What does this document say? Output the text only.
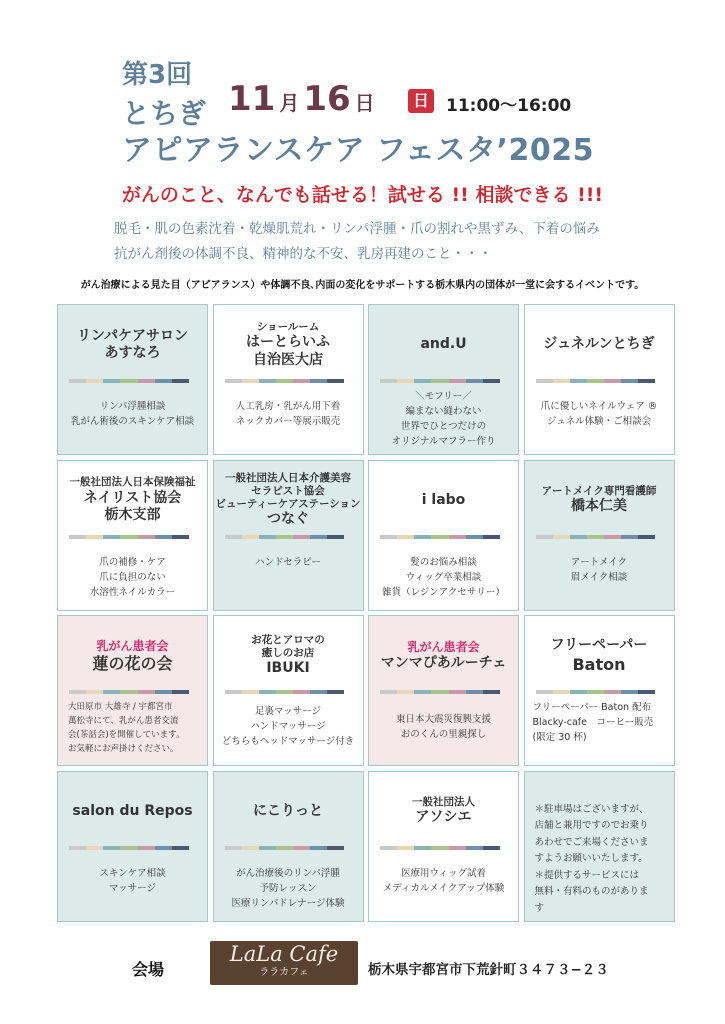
第3回
とちぎ
アピアランスケア フェスタ’2025
11 月 16 日	日 11:00〜16:00
がんのこと、なんでも話せる！試せる !! 相談できる !!!
脱毛・肌の色素沈着・乾燥肌荒れ・リンパ浮腫・爪の割れや黒ずみ、下着の悩み
抗がん剤後の体調不良、精神的な不安、乳房再建のこと・・・
がん治療による見た目（アピアランス）や体調不良､内面の変化をサポートする栃木県内の団体が一堂に会するイベントです。
リンパケアサロン
あすなろ
リンパ浮腫相談
乳がん術後のスキンケア相談
ショールーム
はーとらいふ
自治医大店
人工乳房・乳がん用下着
ネックカバー等展示販売
and.U
＼モフリー／
編まない縫わない
世界でひとつだけの
オリジナルマフラー作り
ジュネルンとちぎ
爪に優しいネイルウェア ®
ジュネル体験・ご相談会
一般社団法人日本保険福祉
ネイリスト協会
栃木支部
爪の補修・ケア
爪に負担のない
水溶性ネイルカラー
一般社団法人日本介護美容
セラピスト協会
ビューティーケアステーション
つなぐ
ハンドセラピー
i labo
髪のお悩み相談
ウィッグ卒業相談
雑貨（レジンアクセサリー）
アートメイク専門看護師
橋本仁美
アートメイク
眉メイク相談
乳がん患者会
蓮の花の会
大田原市 大雄寺 / 宇都宮市
萬松寺にて、乳がん患者交流
会(茶話会)を開催しています。
お気軽にお声掛けください。
お花とアロマの
癒しのお店
IBUKI
足裏マッサージ
ハンドマッサージ
どちらもヘッドマッサージ付き
乳がん患者会
マンマぴあルーチェ
東日本大震災復興支援
おのくんの里親探し
フリーペーパー
Baton
フリーペーパー Baton 配布
Blacky-cafe　コーヒー販売
(限定 30 杯)
salon du Repos
スキンケア相談
マッサージ
にこりっと
がん治療後のリンパ浮腫
予防レッスン
医療リンパドレナージ体験
一般社団法人
アソシエ
医療用ウィッグ試着
メディカルメイクアップ体験
＊駐車場はございますが、
店舗と兼用ですのでお乗り
あわせでご来場くださいま
すようお願いいたします。
＊提供するサービスには
無料・有料のものがありま
す
会場
LaLa Cafe
ララカフェ	栃木県宇都宮市下荒針町３４７３−２３
